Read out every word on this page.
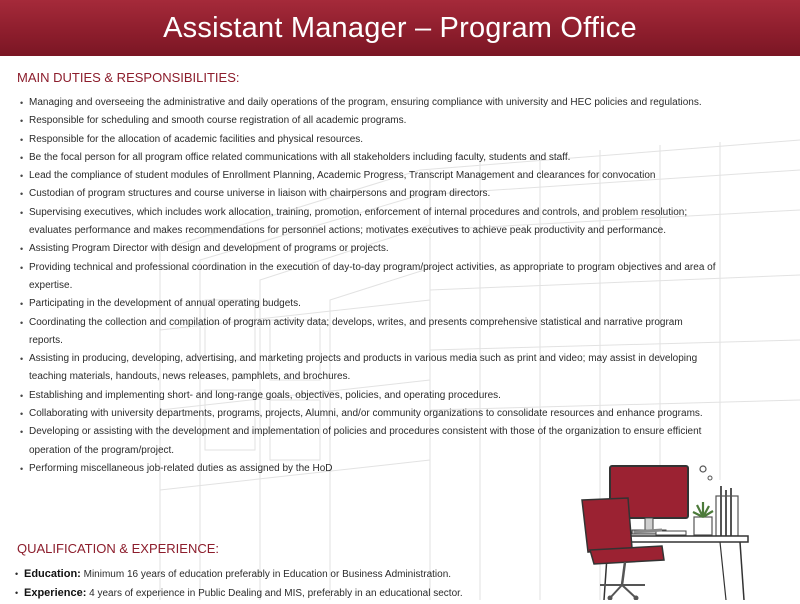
Assistant Manager – Program Office
MAIN DUTIES & RESPONSIBILITIES:
• Managing and overseeing the administrative and daily operations of the program, ensuring compliance with university and HEC policies and regulations.
• Responsible for scheduling and smooth course registration of all academic programs.
• Responsible for the allocation of academic facilities and physical resources.
• Be the focal person for all program office related communications with all stakeholders including faculty, students and staff.
• Lead the compliance of student modules of Enrollment Planning, Academic Progress, Transcript Management and clearances for convocation
• Custodian of program structures and course universe in liaison with chairpersons and program directors.
• Supervising executives, which includes work allocation, training, promotion, enforcement of internal procedures and controls, and problem resolution; evaluates performance and makes recommendations for personnel actions; motivates executives to achieve peak productivity and performance.
• Assisting Program Director with design and development of programs or projects.
• Providing technical and professional coordination in the execution of day-to-day program/project activities, as appropriate to program objectives and area of expertise.
• Participating in the development of annual operating budgets.
• Coordinating the collection and compilation of program activity data; develops, writes, and presents comprehensive statistical and narrative program reports.
• Assisting in producing, developing, advertising, and marketing projects and products in various media such as print and video; may assist in developing teaching materials, handouts, news releases, pamphlets, and brochures.
• Establishing and implementing short- and long-range goals, objectives, policies, and operating procedures.
• Collaborating with university departments, programs, projects, Alumni, and/or community organizations to consolidate resources and enhance programs.
• Developing or assisting with the development and implementation of policies and procedures consistent with those of the organization to ensure efficient operation of the program/project.
• Performing miscellaneous job-related duties as assigned by the HoD
QUALIFICATION & EXPERIENCE:
• Education: Minimum 16 years of education preferably in Education or Business Administration.
• Experience: 4 years of experience in Public Dealing and MIS, preferably in an educational sector.
